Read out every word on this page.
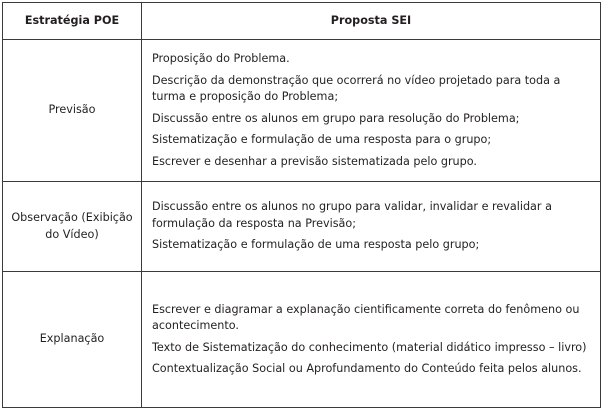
Estratégia POE	Proposta SEI
Previsão	Proposição do Problema.
Descrição da demonstração que ocorrerá no vídeo projetado para toda a turma e proposição do Problema;
Discussão entre os alunos em grupo para resolução do Problema;
Sistematização e formulação de uma resposta para o grupo;
Escrever e desenhar a previsão sistematizada pelo grupo.

Observação (Exibição do Vídeo)	Discussão entre os alunos no grupo para validar, invalidar e revalidar a formulação da resposta na Previsão;
Sistematização e formulação de uma resposta pelo grupo;

Explanação	Escrever e diagramar a explanação cientificamente correta do fenômeno ou acontecimento.
Texto de Sistematização do conhecimento (material didático impresso – livro)
Contextualização Social ou Aprofundamento do Conteúdo feita pelos alunos.
